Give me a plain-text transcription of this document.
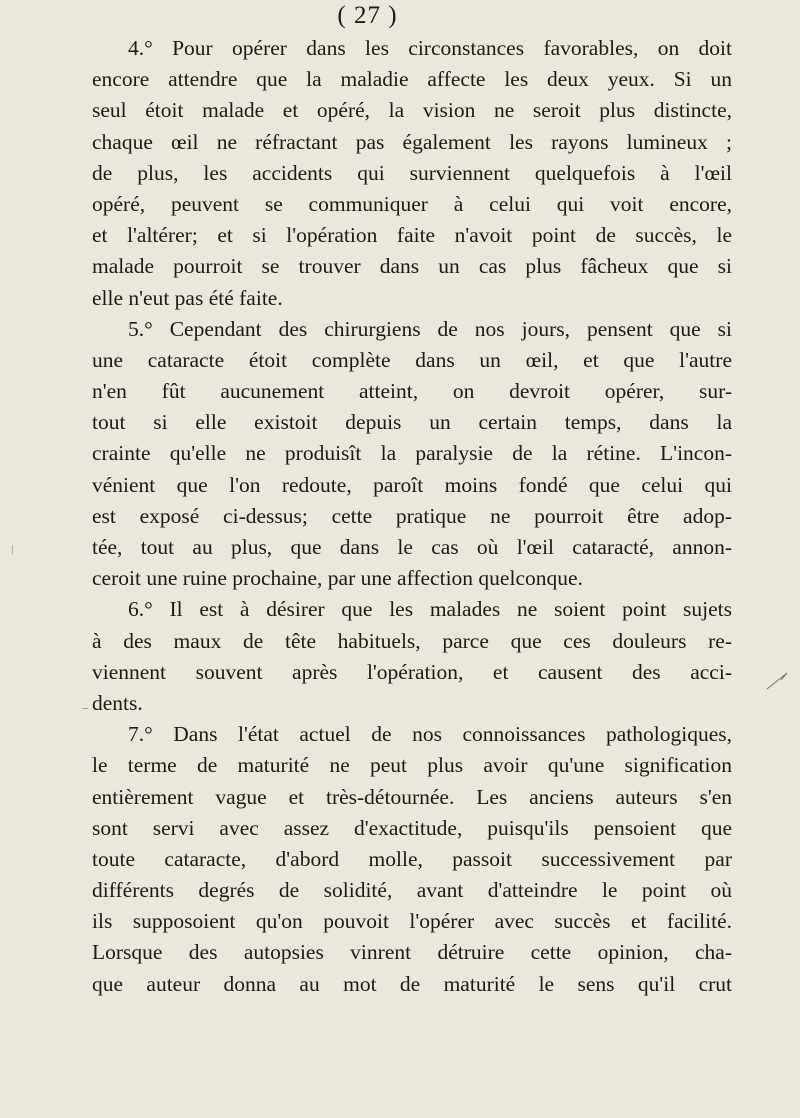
( 27 )
4.° Pour opérer dans les circonstances favorables, on doit
encore attendre que la maladie affecte les deux yeux. Si un
seul étoit malade et opéré, la vision ne seroit plus distincte,
chaque œil ne réfractant pas également les rayons lumineux ;
de plus, les accidents qui surviennent quelquefois à l'œil
opéré, peuvent se communiquer à celui qui voit encore,
et l'altérer; et si l'opération faite n'avoit point de succès, le
malade pourroit se trouver dans un cas plus fâcheux que si
elle n'eut pas été faite.
5.° Cependant des chirurgiens de nos jours, pensent que si
une cataracte étoit complète dans un œil, et que l'autre
n'en fût aucunement atteint, on devroit opérer, sur-
tout si elle existoit depuis un certain temps, dans la
crainte qu'elle ne produisît la paralysie de la rétine. L'incon-
vénient que l'on redoute, paroît moins fondé que celui qui
est exposé ci-dessus; cette pratique ne pourroit être adop-
tée, tout au plus, que dans le cas où l'œil cataracté, annon-
ceroit une ruine prochaine, par une affection quelconque.
6.° Il est à désirer que les malades ne soient point sujets
à des maux de tête habituels, parce que ces douleurs re-
viennent souvent après l'opération, et causent des acci-
dents.
7.° Dans l'état actuel de nos connoissances pathologiques,
le terme de maturité ne peut plus avoir qu'une signification
entièrement vague et très-détournée. Les anciens auteurs s'en
sont servi avec assez d'exactitude, puisqu'ils pensoient que
toute cataracte, d'abord molle, passoit successivement par
différents degrés de solidité, avant d'atteindre le point où
ils supposoient qu'on pouvoit l'opérer avec succès et facilité.
Lorsque des autopsies vinrent détruire cette opinion, cha-
que auteur donna au mot de maturité le sens qu'il crut
